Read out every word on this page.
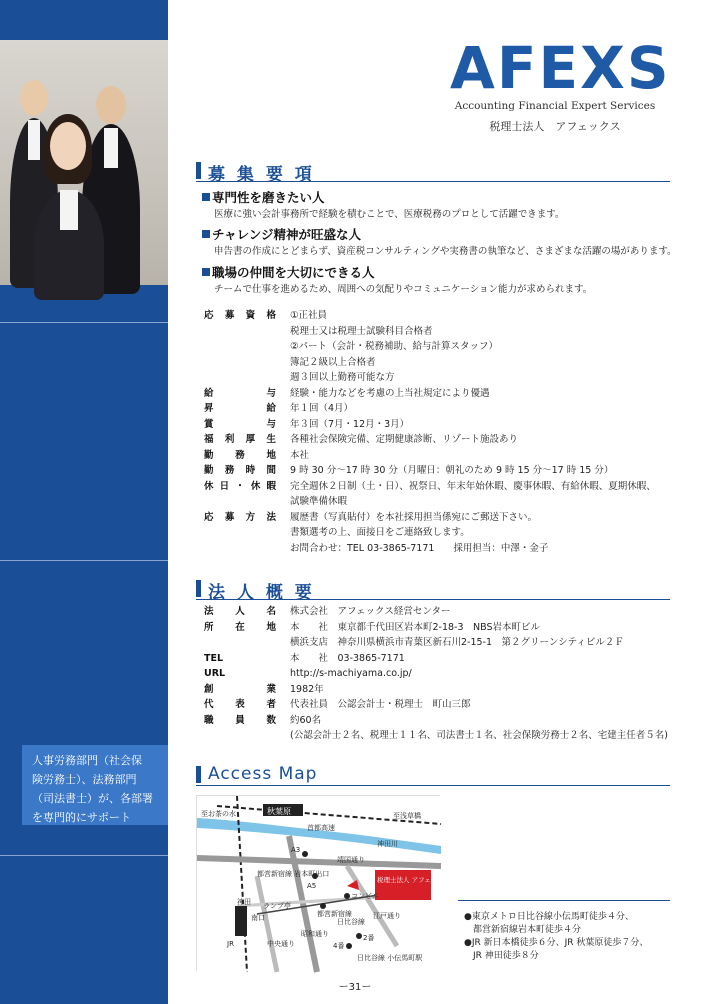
人事労務部門（社会保
険労務士）、法務部門
（司法書士）が、各部署
を専門的にサポート
AFEXS
Accounting Financial Expert Services
税理士法人　アフェックス
募 集 要 項
専門性を磨きたい人
医療に強い会計事務所で経験を積むことで、医療税務のプロとして活躍できます。
チャレンジ精神が旺盛な人
申告書の作成にとどまらず、資産税コンサルティングや実務書の執筆など、さまざまな活躍の場があります。
職場の仲間を大切にできる人
チームで仕事を進めるため、周囲への気配りやコミュニケーション能力が求められます。
応募資格 ①正社員
税理士又は税理士試験科目合格者
②パート（会計・税務補助、給与計算スタッフ）
簿記２級以上合格者
週３回以上勤務可能な方
給与 経験・能力などを考慮の上当社規定により優遇
昇給 年１回（4月）
賞与 年３回（7月・12月・3月）
福利厚生 各種社会保険完備、定期健康診断、リゾート施設あり
勤務地 本社
勤務時間 9 時 30 分〜17 時 30 分（月曜日：朝礼のため 9 時 15 分〜17 時 15 分）
休日・休暇 完全週休２日制（土・日）、祝祭日、年末年始休暇、慶事休暇、有給休暇、夏期休暇、
試験準備休暇
応募方法 履歴書（写真貼付）を本社採用担当係宛にご郵送下さい。
書類選考の上、面接日をご連絡致します。
お問合わせ：TEL 03-3865-7171　　採用担当：中澤・金子
法 人 概 要
法人名 株式会社　アフェックス経営センター
所在地 本　　社　東京都千代田区岩本町2-18-3　NBS岩本町ビル
横浜支店　神奈川県横浜市青葉区新石川2-15-1　第２グリーンシティビル２Ｆ
TEL	本　　社　03-3865-7171
URL	http://s-machiyama.co.jp/
創業 1982年
代表者 代表社員　公認会計士・税理士　町山三郎
職員数 約60名
(公認会計士２名、税理士１１名、司法書士１名、社会保険労務士２名、宅建主任者５名)
Access Map
秋葉原
至お茶の水	至浅草橋
神田川
首都高速
靖国通り
都営新宿線 岩本町出口
A3
A5
ランプ亭
コンビニ
神田
南口
中央通り
昭和通り
税理士法人 アフェックス NBS岩本町ビル
2番
4番
日比谷線 小伝馬町駅
江戸通り
日比谷線
JR
都営新宿線	●東京メトロ日比谷線小伝馬町徒歩４分、
　都営新宿線岩本町徒歩４分
●JR 新日本橋徒歩６分、JR 秋葉原徒歩７分、
　JR 神田徒歩８分
ー31ー
